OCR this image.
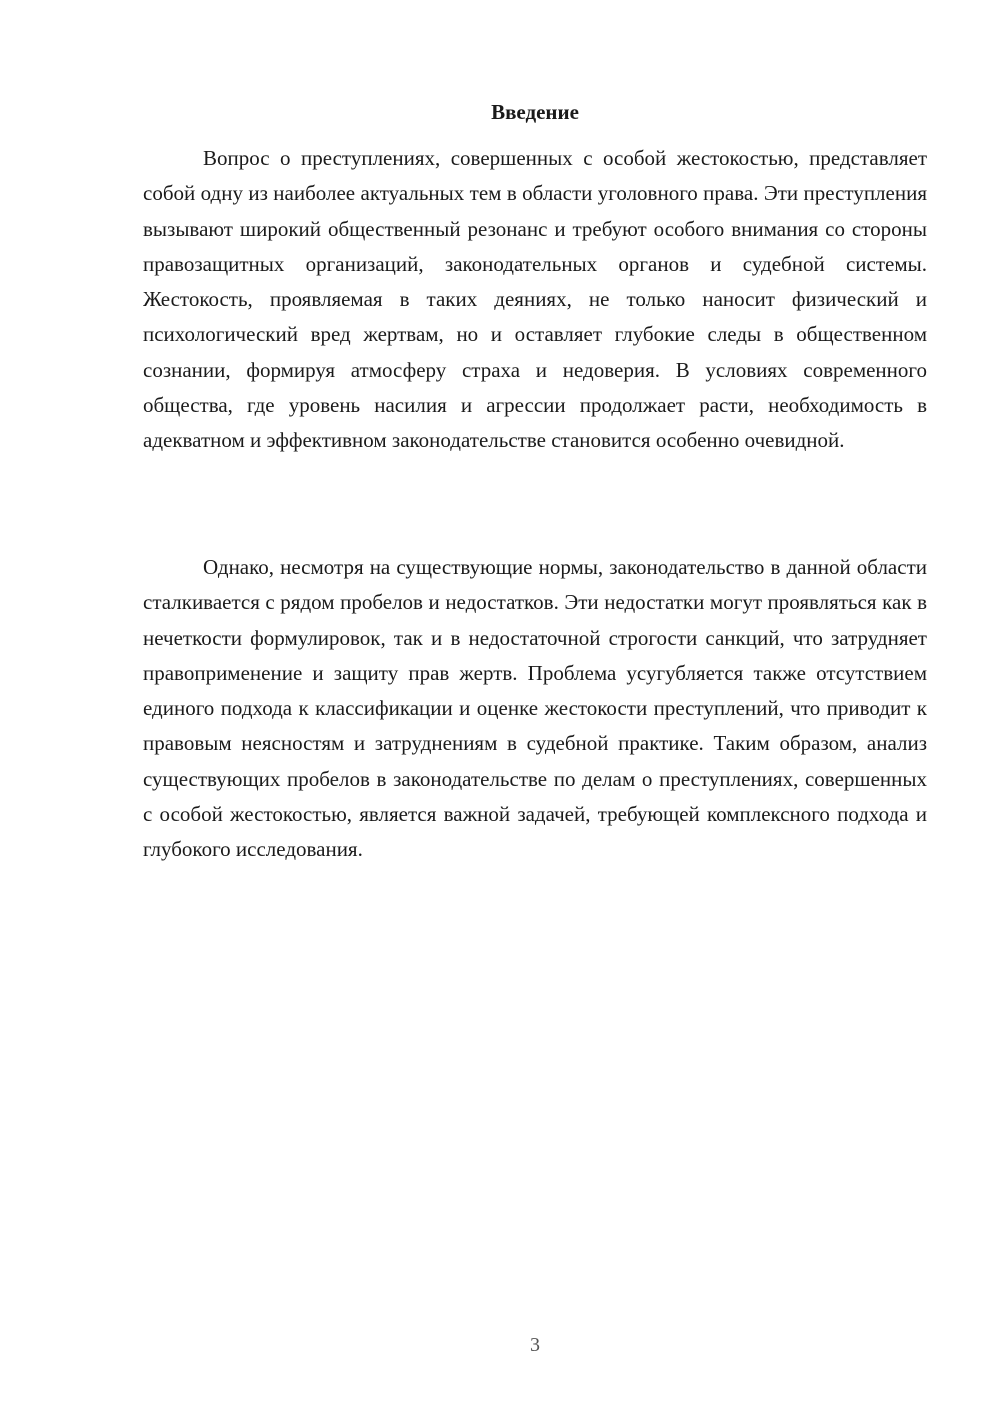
Введение

Вопрос о преступлениях, совершенных с особой жестокостью, представляет собой одну из наиболее актуальных тем в области уголовного права. Эти преступления вызывают широкий общественный резонанс и требуют особого внимания со стороны правозащитных организаций, законодательных органов и судебной системы. Жестокость, проявляемая в таких деяниях, не только наносит физический и психологический вред жертвам, но и оставляет глубокие следы в общественном сознании, формируя атмосферу страха и недоверия. В условиях современного общества, где уровень насилия и агрессии продолжает расти, необходимость в адекватном и эффективном законодательстве становится особенно очевидной.

Однако, несмотря на существующие нормы, законодательство в данной области сталкивается с рядом пробелов и недостатков. Эти недостатки могут проявляться как в нечеткости формулировок, так и в недостаточной строгости санкций, что затрудняет правоприменение и защиту прав жертв. Проблема усугубляется также отсутствием единого подхода к классификации и оценке жестокости преступлений, что приводит к правовым неясностям и затруднениям в судебной практике. Таким образом, анализ существующих пробелов в законодательстве по делам о преступлениях, совершенных с особой жестокостью, является важной задачей, требующей комплексного подхода и глубокого исследования.

3
